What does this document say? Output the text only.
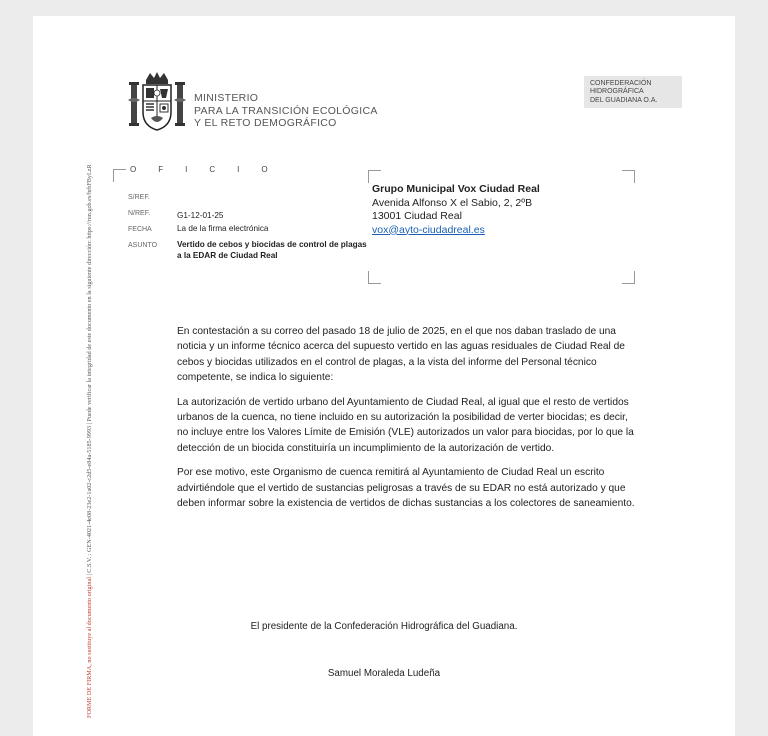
FORME DE FIRMA, no sustituye al documento original | C.S.V. : GEN-4021-4e08-23e2-1a02-c2d5-e84a-5185-9993 | Puede verificar la integridad de este documento en la siguiente dirección: https://run.gob.es/hrbFByLzR
MINISTERIO
PARA LA TRANSICIÓN ECOLÓGICA
Y EL RETO DEMOGRÁFICO
CONFEDERACIÓN
HIDROGRÁFICA
DEL GUADIANA O.A.
OFICIO
S/REF.
N/REF.	G1-12-01-25
FECHA	La de la firma electrónica
ASUNTO Vertido de cebos y biocidas de control de plagas a la EDAR de Ciudad Real
Grupo Municipal Vox Ciudad Real
Avenida Alfonso X el Sabio, 2, 2ºB
13001 Ciudad Real
vox@ayto-ciudadreal.es

En contestación a su correo del pasado 18 de julio de 2025, en el que nos daban traslado de una noticia y un informe técnico acerca del supuesto vertido en las aguas residuales de Ciudad Real de cebos y biocidas utilizados en el control de plagas, a la vista del informe del Personal técnico competente, se indica lo siguiente:

La autorización de vertido urbano del Ayuntamiento de Ciudad Real, al igual que el resto de vertidos urbanos de la cuenca, no tiene incluido en su autorización la posibilidad de verter biocidas; es decir, no incluye entre los Valores Límite de Emisión (VLE) autorizados un valor para biocidas, por lo que la detección de un biocida constituiría un incumplimiento de la autorización de vertido.

Por ese motivo, este Organismo de cuenca remitirá al Ayuntamiento de Ciudad Real un escrito advirtiéndole que el vertido de sustancias peligrosas a través de su EDAR no está autorizado y que deben informar sobre la existencia de vertidos de dichas sustancias a los colectores de saneamiento.

El presidente de la Confederación Hidrográfica del Guadiana.
Samuel Moraleda Ludeña
